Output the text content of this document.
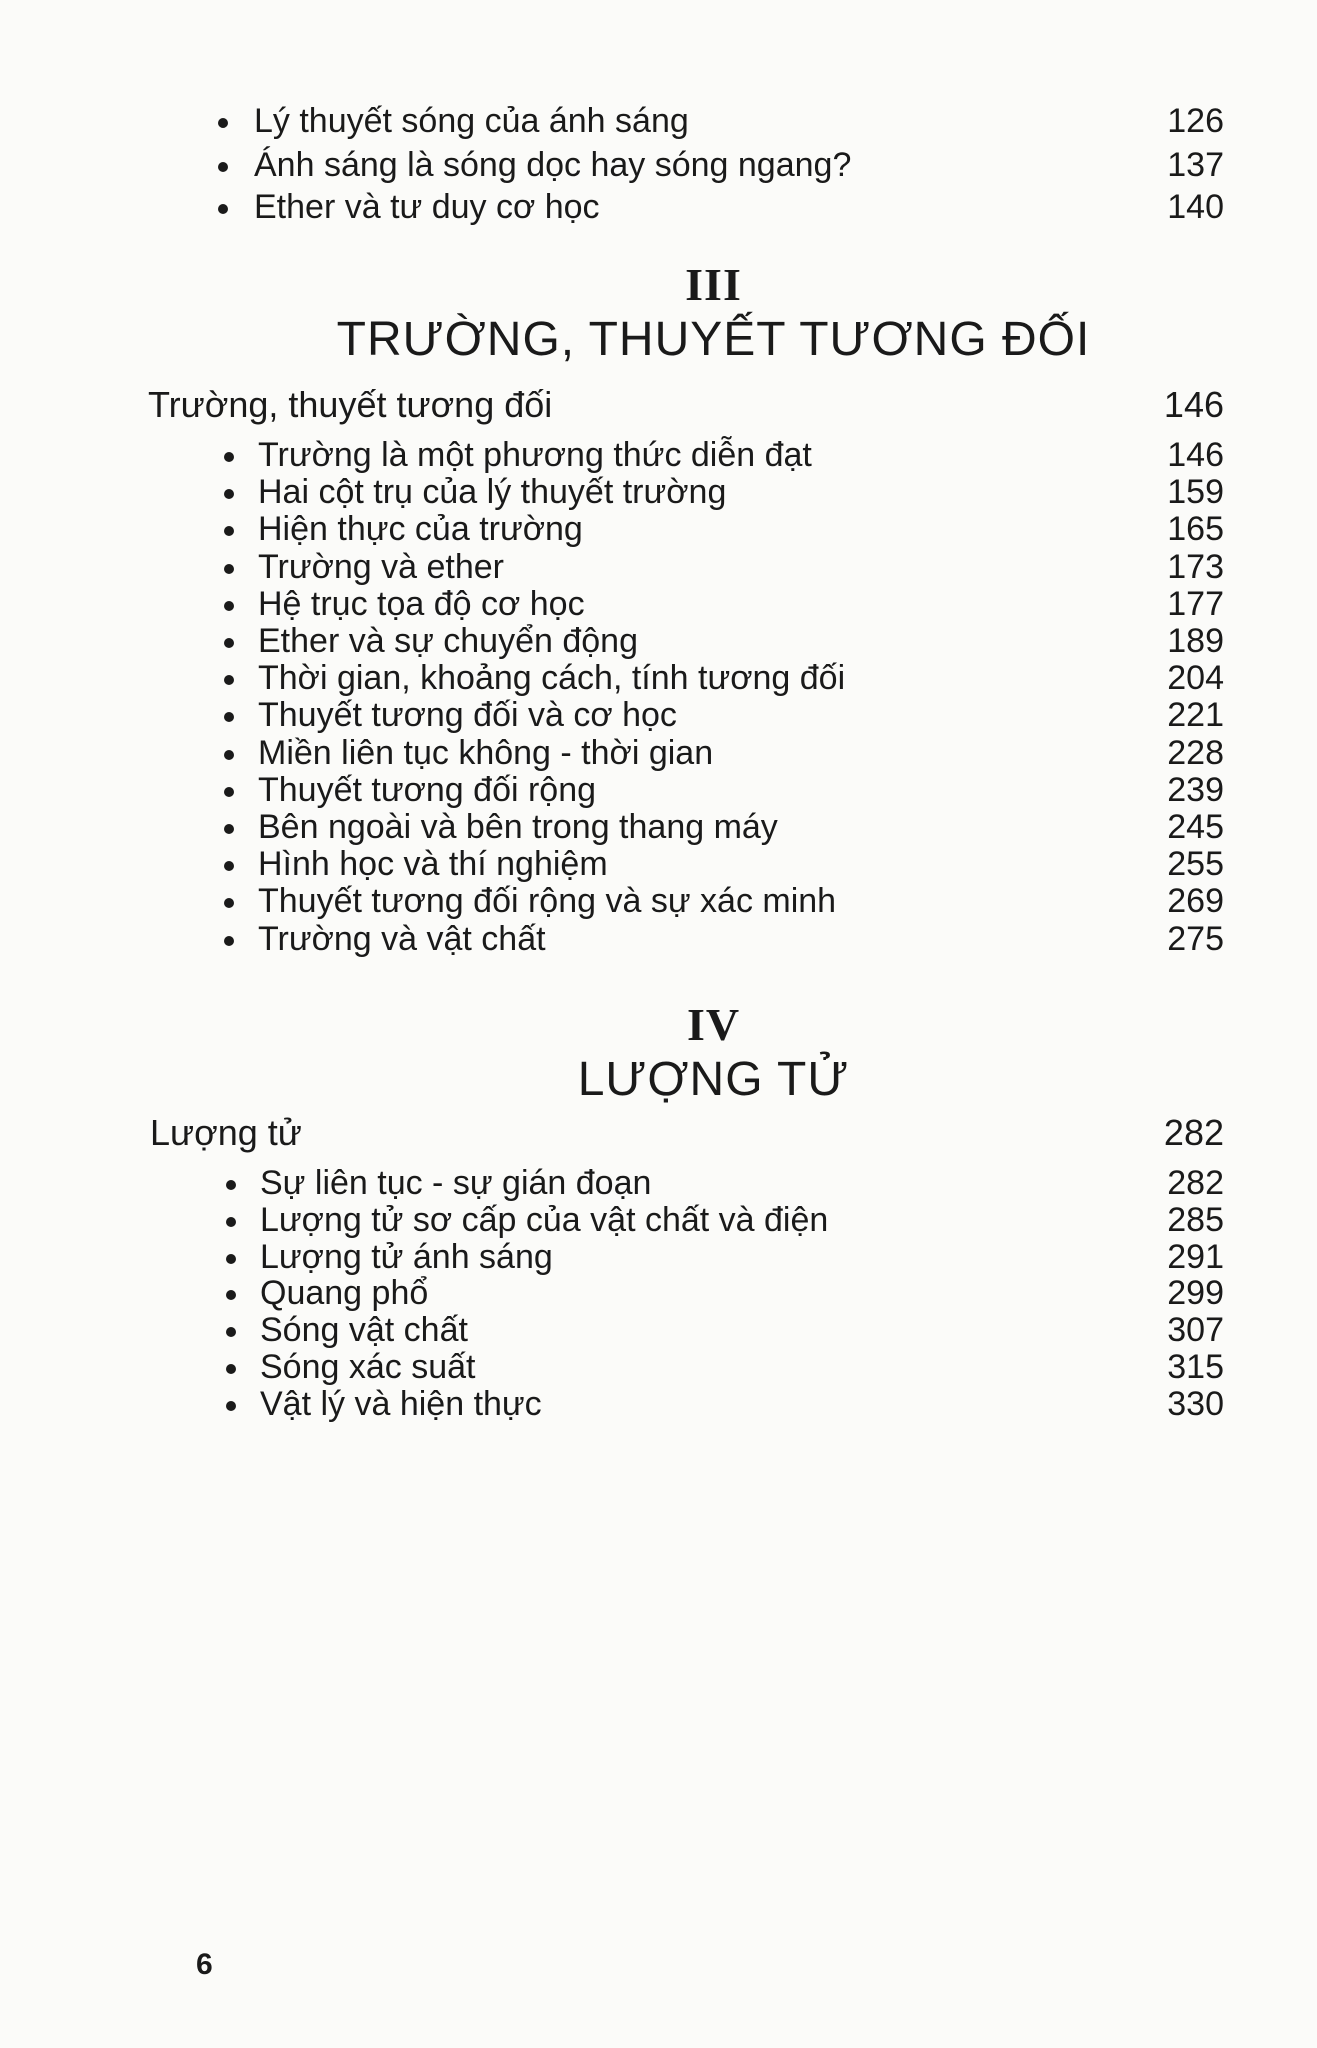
Lý thuyết sóng của ánh sáng	126
Ánh sáng là sóng dọc hay sóng ngang?	137
Ether và tư duy cơ học	140
III
TRƯỜNG, THUYẾT TƯƠNG ĐỐI
Trường, thuyết tương đối	146
Trường là một phương thức diễn đạt	146
Hai cột trụ của lý thuyết trường	159
Hiện thực của trường	165
Trường và ether	173
Hệ trục tọa độ cơ học	177
Ether và sự chuyển động	189
Thời gian, khoảng cách, tính tương đối	204
Thuyết tương đối và cơ học	221
Miền liên tục không - thời gian	228
Thuyết tương đối rộng	239
Bên ngoài và bên trong thang máy	245
Hình học và thí nghiệm	255
Thuyết tương đối rộng và sự xác minh	269
Trường và vật chất	275
IV
LƯỢNG TỬ
Lượng tử	282
Sự liên tục - sự gián đoạn	282
Lượng tử sơ cấp của vật chất và điện	285
Lượng tử ánh sáng	291
Quang phổ	299
Sóng vật chất	307
Sóng xác suất	315
Vật lý và hiện thực	330
6
